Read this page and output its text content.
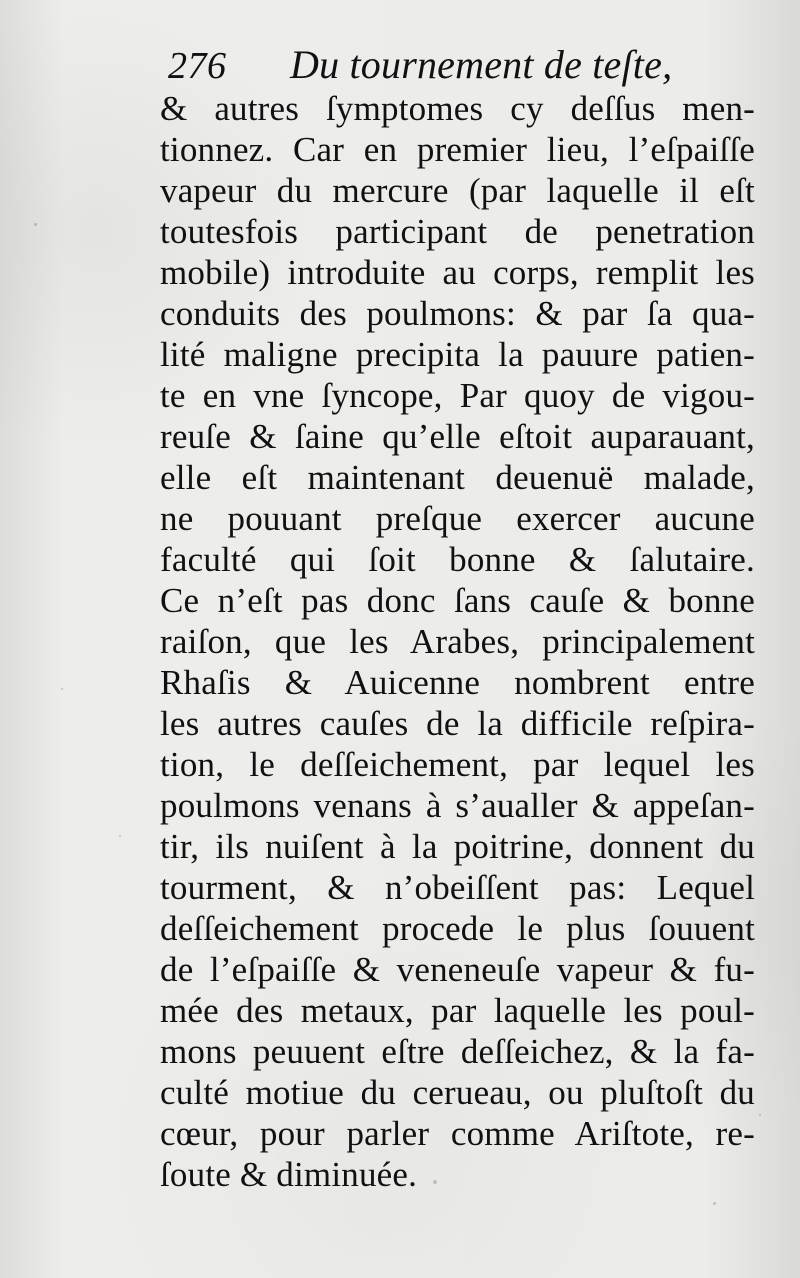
276 Du tournement de teſte,
& autres ſymptomes cy deſſus men-
tionnez. Car en premier lieu, l’eſpaiſſe
vapeur du mercure (par laquelle il eſt
toutesfois participant de penetration
mobile) introduite au corps, remplit les
conduits des poulmons: & par ſa qua-
lité maligne precipita la pauure patien-
te en vne ſyncope, Par quoy de vigou-
reuſe & ſaine qu’elle eſtoit auparauant,
elle eſt maintenant deuenuë malade,
ne pouuant preſque exercer aucune
faculté qui ſoit bonne & ſalutaire.
Ce n’eſt pas donc ſans cauſe & bonne
raiſon, que les Arabes, principalement
Rhaſis & Auicenne nombrent entre
les autres cauſes de la difficile reſpira-
tion, le deſſeichement, par lequel les
poulmons venans à s’aualler & appeſan-
tir, ils nuiſent à la poitrine, donnent du
tourment, & n’obeiſſent pas: Lequel
deſſeichement procede le plus ſouuent
de l’eſpaiſſe & veneneuſe vapeur & fu-
mée des metaux, par laquelle les poul-
mons peuuent eſtre deſſeichez, & la fa-
culté motiue du cerueau, ou pluſtoſt du
cœur, pour parler comme Ariſtote, re-
ſoute & diminuée.
